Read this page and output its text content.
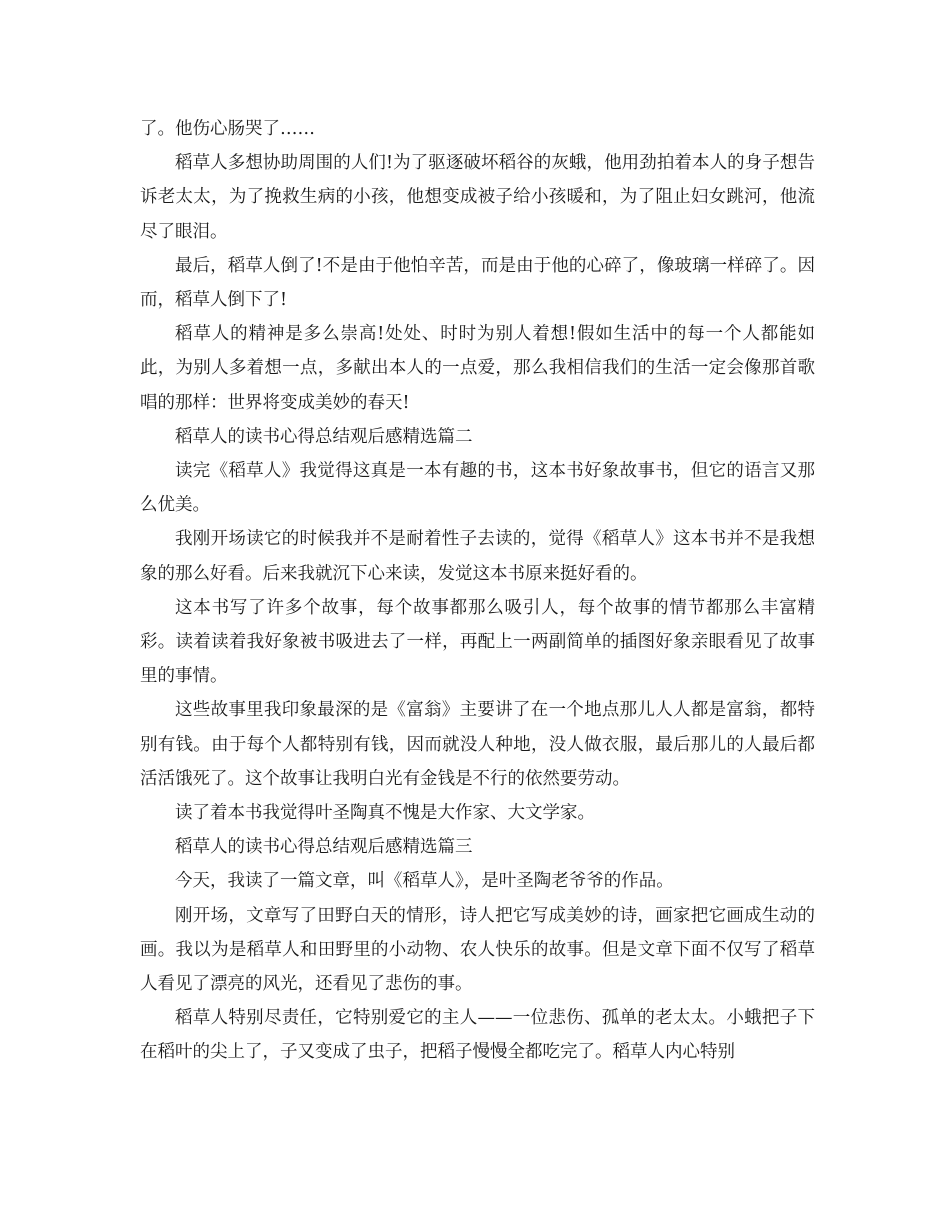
了。他伤心肠哭了……

稻草人多想协助周围的人们!为了驱逐破坏稻谷的灰蛾，他用劲拍着本人的身子想告诉老太太，为了挽救生病的小孩，他想变成被子给小孩暖和，为了阻止妇女跳河，他流尽了眼泪。

最后，稻草人倒了!不是由于他怕辛苦，而是由于他的心碎了，像玻璃一样碎了。因而，稻草人倒下了!

稻草人的精神是多么崇高!处处、时时为别人着想!假如生活中的每一个人都能如此，为别人多着想一点，多献出本人的一点爱，那么我相信我们的生活一定会像那首歌唱的那样：世界将变成美妙的春天!

稻草人的读书心得总结观后感精选篇二

读完《稻草人》我觉得这真是一本有趣的书，这本书好象故事书，但它的语言又那么优美。

我刚开场读它的时候我并不是耐着性子去读的，觉得《稻草人》这本书并不是我想象的那么好看。后来我就沉下心来读，发觉这本书原来挺好看的。

这本书写了许多个故事，每个故事都那么吸引人，每个故事的情节都那么丰富精彩。读着读着我好象被书吸进去了一样，再配上一两副简单的插图好象亲眼看见了故事里的事情。

这些故事里我印象最深的是《富翁》主要讲了在一个地点那儿人人都是富翁，都特别有钱。由于每个人都特别有钱，因而就没人种地，没人做衣服，最后那儿的人最后都活活饿死了。这个故事让我明白光有金钱是不行的依然要劳动。

读了着本书我觉得叶圣陶真不愧是大作家、大文学家。

稻草人的读书心得总结观后感精选篇三

今天，我读了一篇文章，叫《稻草人》，是叶圣陶老爷爷的作品。

刚开场，文章写了田野白天的情形，诗人把它写成美妙的诗，画家把它画成生动的画。我以为是稻草人和田野里的小动物、农人快乐的故事。但是文章下面不仅写了稻草人看见了漂亮的风光，还看见了悲伤的事。

稻草人特别尽责任，它特别爱它的主人——一位悲伤、孤单的老太太。小蛾把子下在稻叶的尖上了，子又变成了虫子，把稻子慢慢全都吃完了。稻草人内心特别
